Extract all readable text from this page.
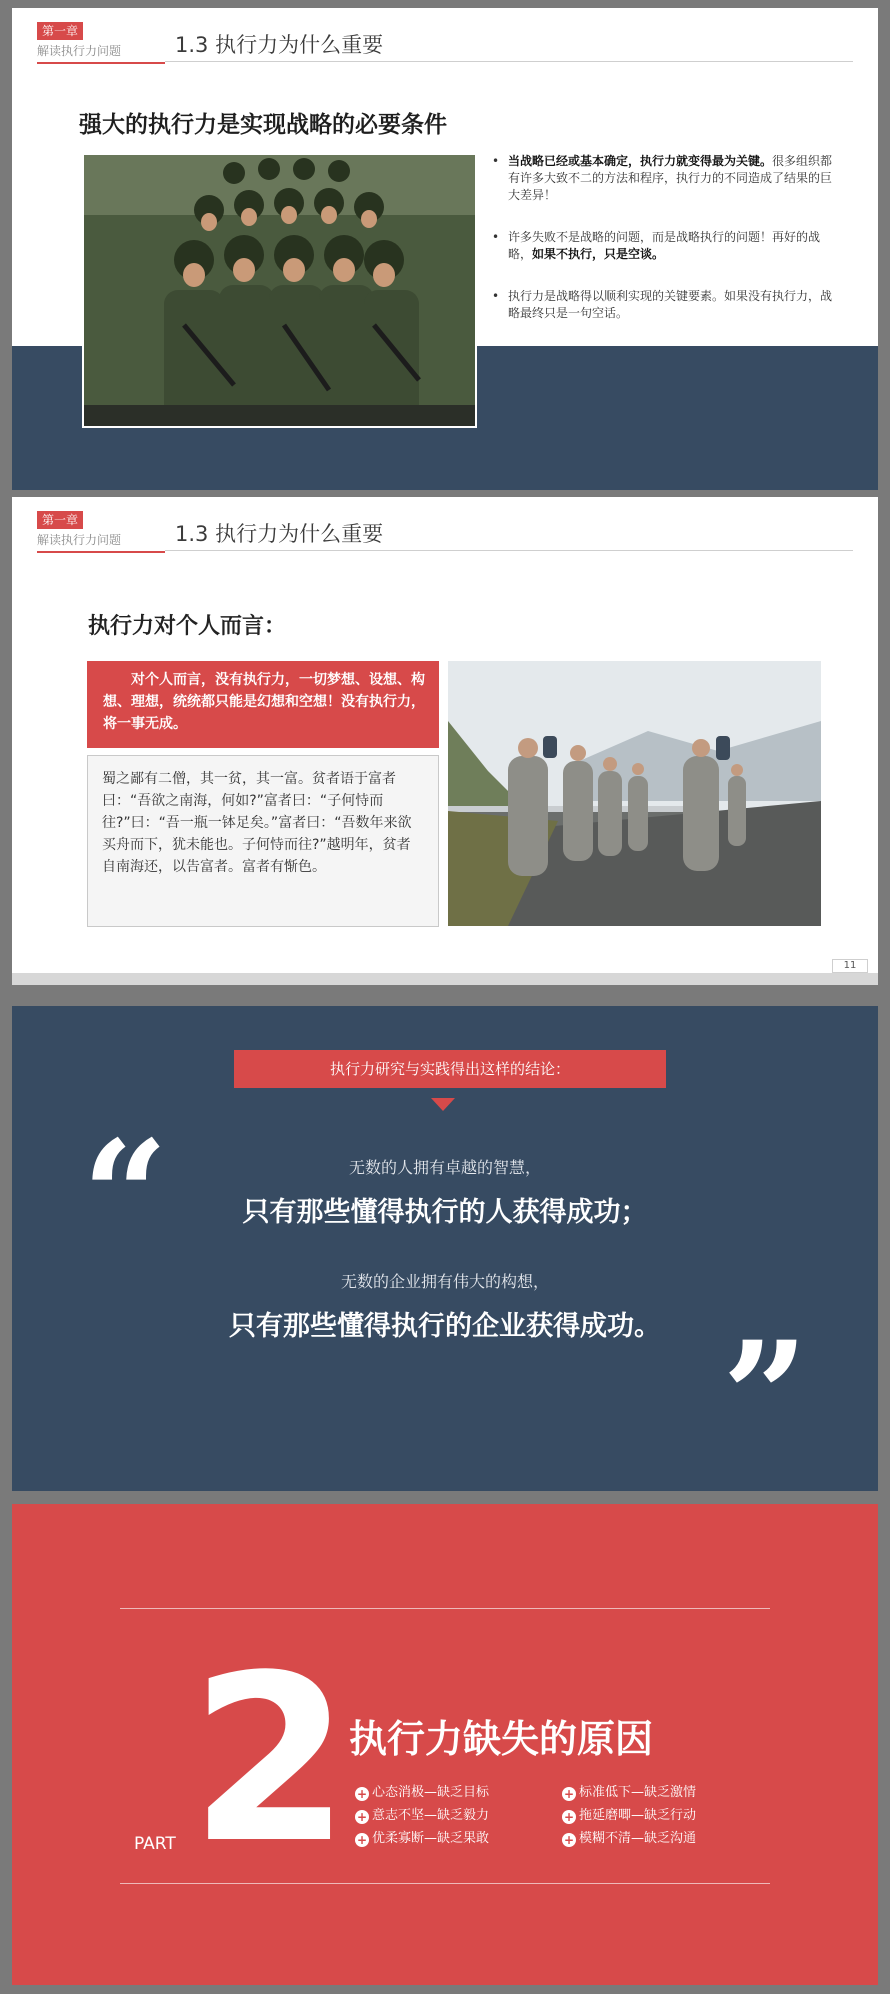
第一章
解读执行力问题	1.3 执行力为什么重要
强大的执行力是实现战略的必要条件
• 当战略已经或基本确定，执行力就变得最为关键。很多组织都有许多大致不二的方法和程序，执行力的不同造成了结果的巨大差异！
• 许多失败不是战略的问题，而是战略执行的问题！再好的战略，如果不执行，只是空谈。
• 执行力是战略得以顺利实现的关键要素。如果没有执行力，战略最终只是一句空话。
第一章
解读执行力问题	1.3 执行力为什么重要
执行力对个人而言：
对个人而言，没有执行力，一切梦想、设想、构想、理想，统统都只能是幻想和空想！没有执行力，将一事无成。
蜀之鄙有二僧，其一贫，其一富。贫者语于富者曰：“吾欲之南海，何如?”富者曰：“子何恃而往?”曰：“吾一瓶一钵足矣。”富者曰：“吾数年来欲买舟而下，犹未能也。子何恃而往?”越明年，贫者自南海还，以告富者。富者有惭色。
11
执行力研究与实践得出这样的结论：
“
”
无数的人拥有卓越的智慧，
只有那些懂得执行的人获得成功；
无数的企业拥有伟大的构想，
只有那些懂得执行的企业获得成功。
2
PART
执行力缺失的原因
+ 心态消极—缺乏目标
+ 意志不坚—缺乏毅力
+ 优柔寡断—缺乏果敢
+ 标准低下—缺乏激情
+ 拖延磨唧—缺乏行动
+ 模糊不清—缺乏沟通
